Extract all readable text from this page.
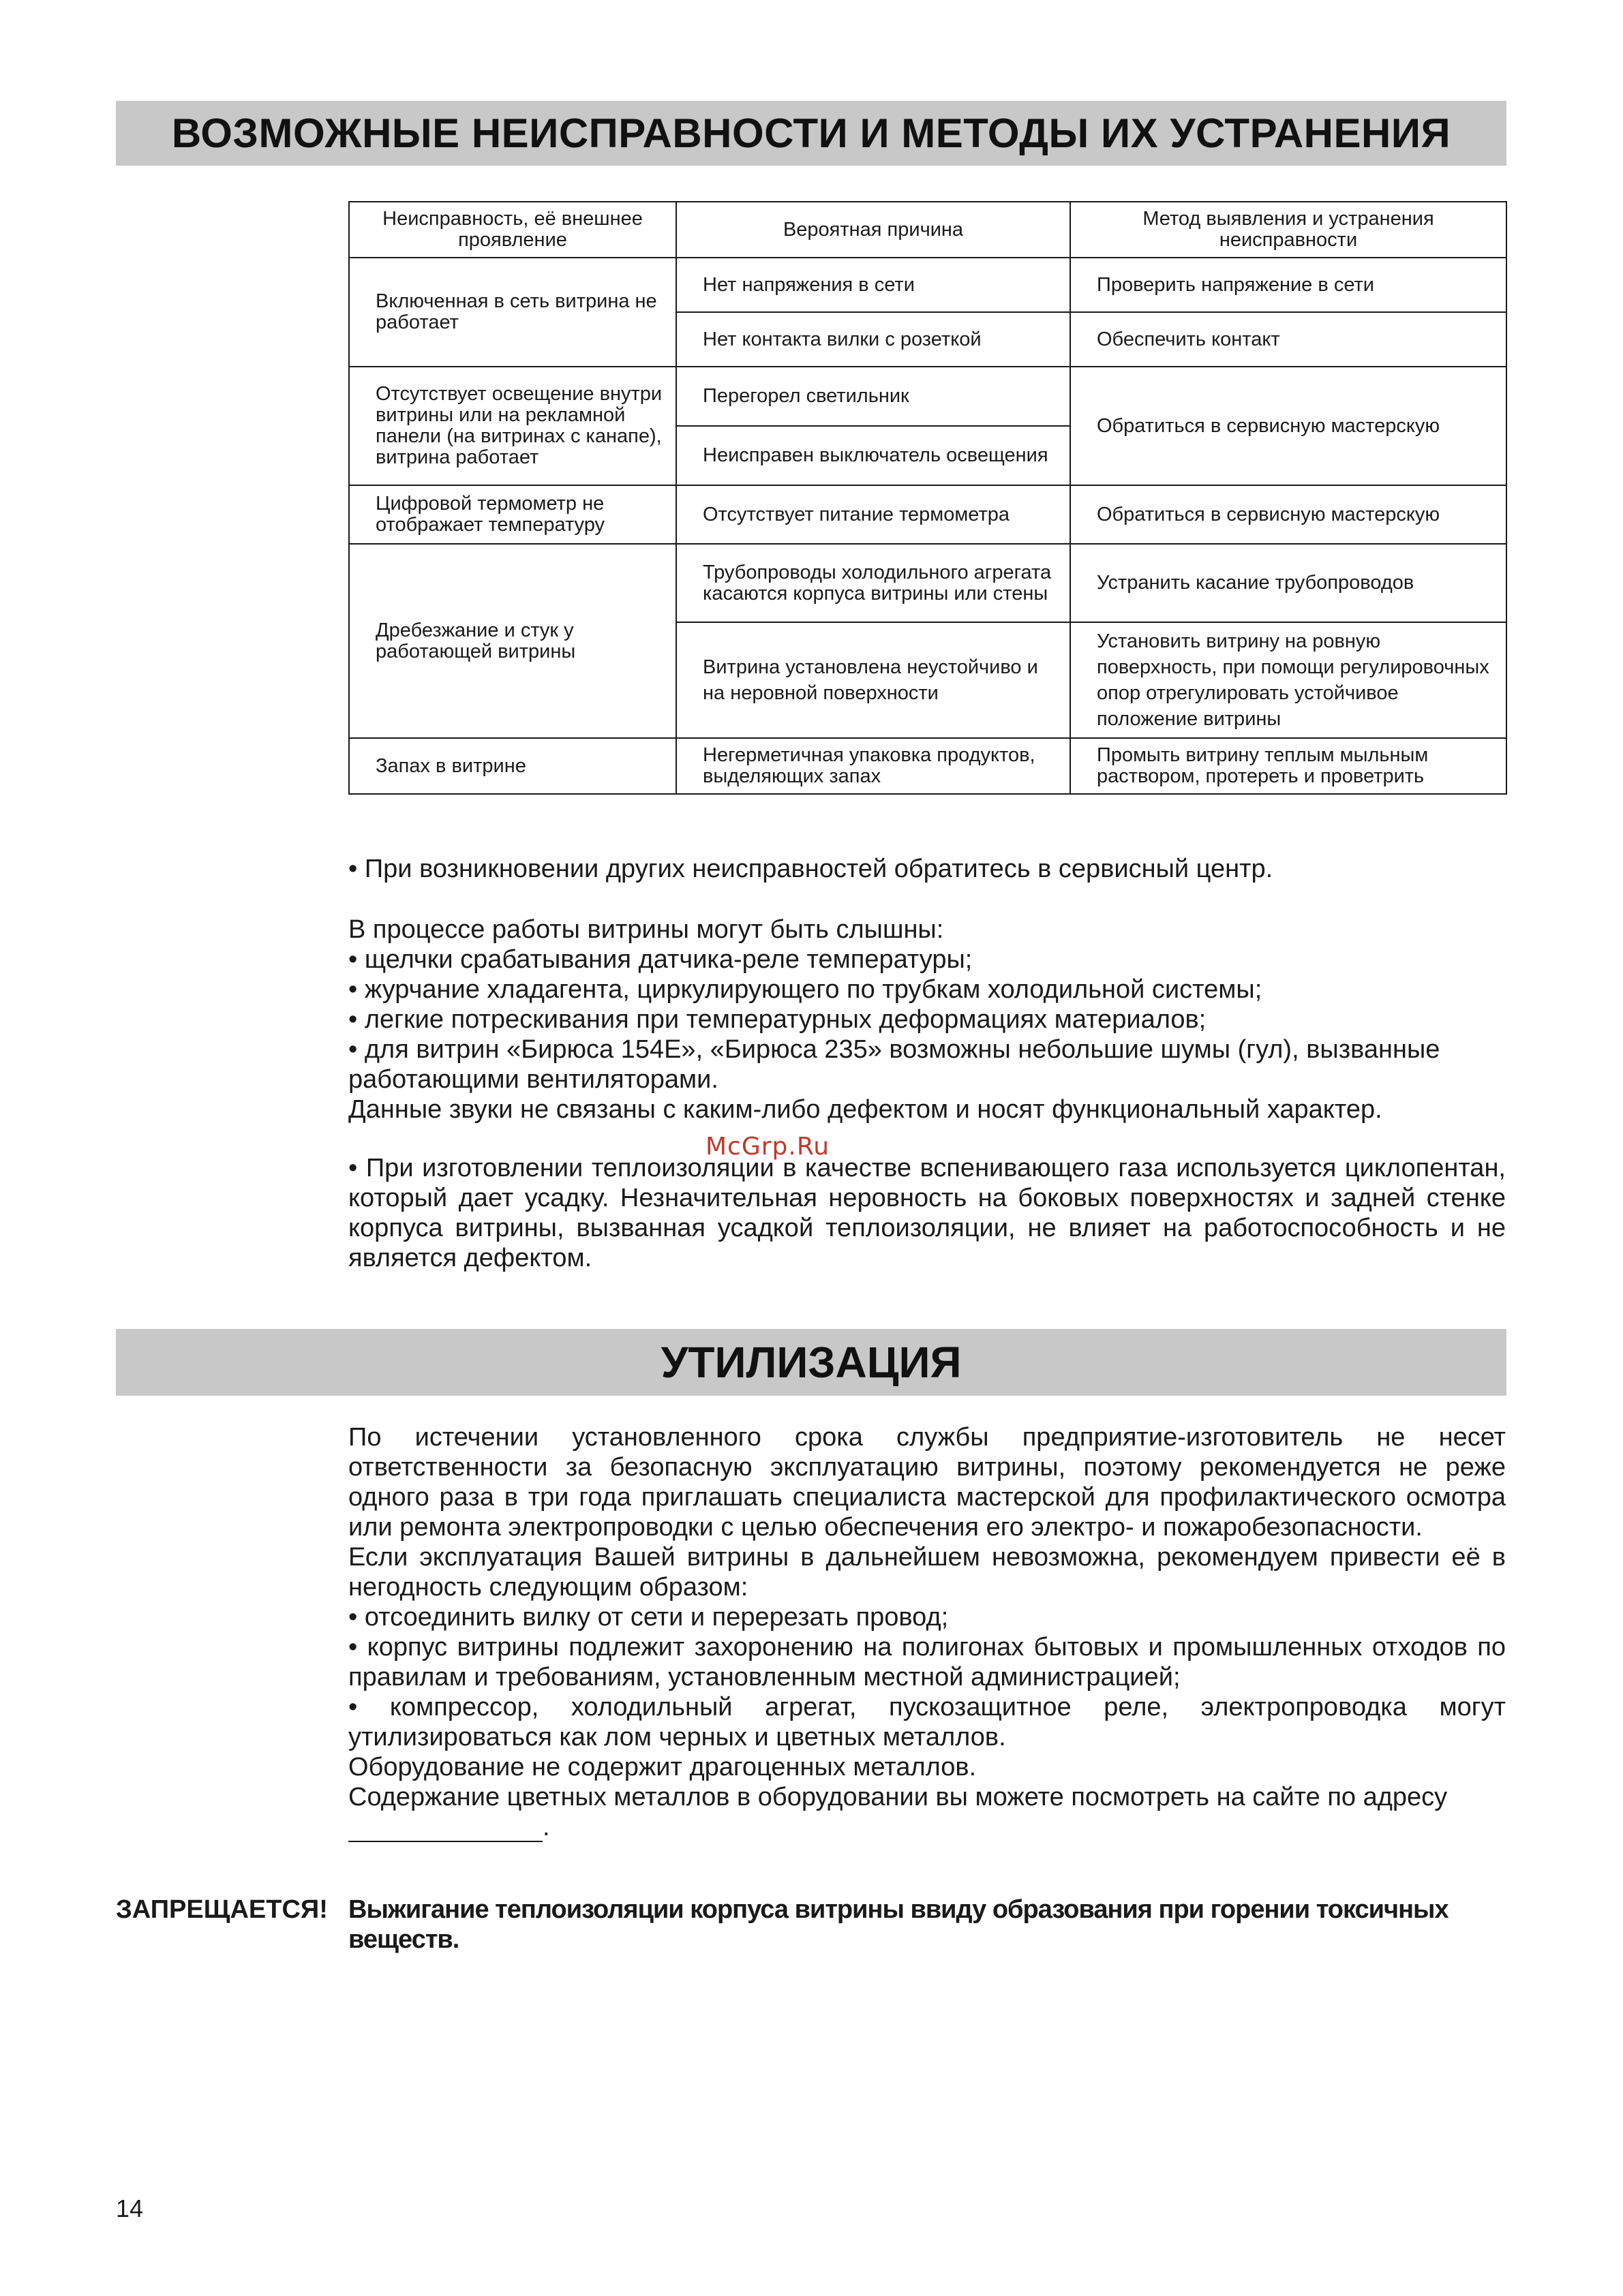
ВОЗМОЖНЫЕ НЕИСПРАВНОСТИ И МЕТОДЫ ИХ УСТРАНЕНИЯ
Неисправность, её внешнее проявление	Вероятная причина	Метод выявления и устранения неисправности
Включенная в сеть витрина не работает	Нет напряжения в сети	Проверить напряжение в сети
	Нет контакта вилки с розеткой	Обеспечить контакт
Отсутствует освещение внутри витрины или на рекламной панели (на витринах с канапе), витрина работает	Перегорел светильник	Обратиться в сервисную мастерскую
	Неисправен выключатель освещения	
Цифровой термометр не отображает температуру	Отсутствует питание термометра	Обратиться в сервисную мастерскую
Дребезжание и стук у работающей витрины	Трубопроводы холодильного агрегата касаются корпуса витрины или стены	Устранить касание трубопроводов
	Витрина установлена неустойчиво и на неровной поверхности	Установить витрину на ровную поверхность, при помощи регулировочных опор отрегулировать устойчивое положение витрины
Запах в витрине	Негерметичная упаковка продуктов, выделяющих запах	Промыть витрину теплым мыльным раствором, протереть и проветрить

• При возникновении других неисправностей обратитесь в сервисный центр.

В процессе работы витрины могут быть слышны:

• щелчки срабатывания датчика-реле температуры;

• журчание хладагента, циркулирующего по трубкам холодильной системы;

• легкие потрескивания при температурных деформациях материалов;

• для витрин «Бирюса 154Е», «Бирюса 235» возможны небольшие шумы (гул), вызванные работающими вентиляторами.

Данные звуки не связаны с каким-либо дефектом и носят функциональный характер.

McGrp.Ru

• При изготовлении теплоизоляции в качестве вспенивающего газа используется циклопентан, который дает усадку. Незначительная неровность на боковых поверхностях и задней стенке корпуса витрины, вызванная усадкой теплоизоляции, не влияет на работоспособность и не является дефектом.

УТИЛИЗАЦИЯ

По истечении установленного срока службы предприятие-изготовитель не несет ответственности за безопасную эксплуатацию витрины, поэтому рекомендуется не реже одного раза в три года приглашать специалиста мастерской для профилактического осмотра или ремонта электропроводки с целью обеспечения его электро- и пожаробезопасности.

Если эксплуатация Вашей витрины в дальнейшем невозможна, рекомендуем привести её в негодность следующим образом:

• отсоединить вилку от сети и перерезать провод;

• корпус витрины подлежит захоронению на полигонах бытовых и промышленных отходов по правилам и требованиям, установленным местной администрацией;

• компрессор, холодильный агрегат, пускозащитное реле, электропроводка могут утилизироваться как лом черных и цветных металлов.

Оборудование не содержит драгоценных металлов.

Содержание цветных металлов в оборудовании вы можете посмотреть на сайте по адресу

.

ЗАПРЕЩАЕТСЯ! Выжигание теплоизоляции корпуса витрины ввиду образования при горении токсичных веществ.
14
